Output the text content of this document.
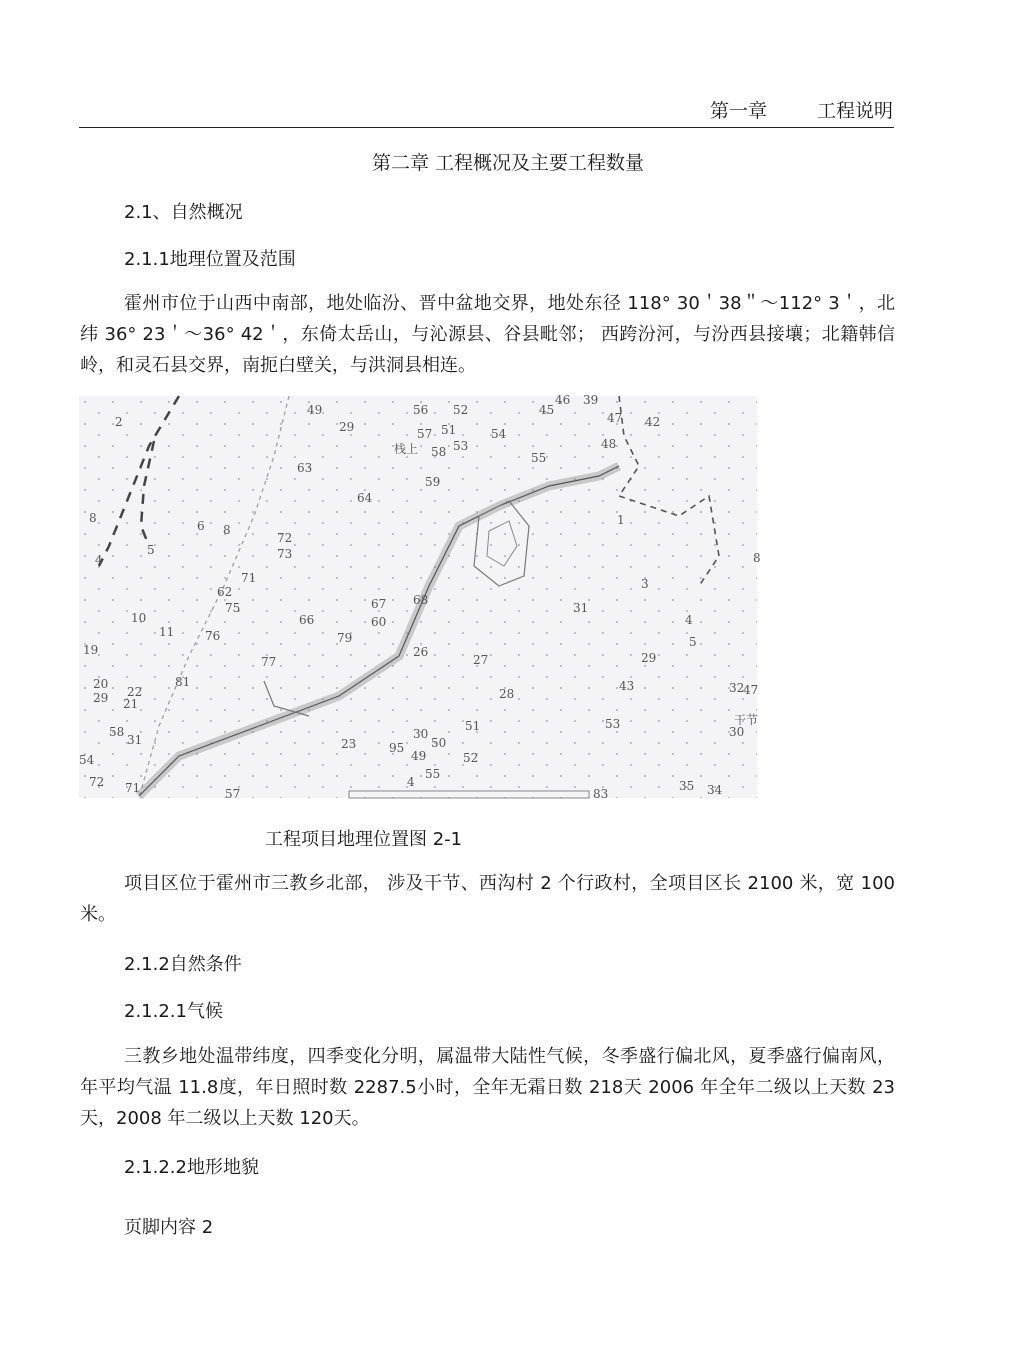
第一章	工程说明
第二章 工程概况及主要工程数量
2.1、自然概况
2.1.1地理位置及范围
霍州市位于山西中南部，地处临汾、晋中盆地交界，地处东径 118° 30＇38＂～112° 3＇，北纬 36° 23＇～36° 42＇，东倚太岳山，与沁源县、谷县毗邻； 西跨汾河，与汾西县接壤；北籍韩信岭，和灵石县交界，南扼白壁关，与洪洞县相连。
栈上
干节
2
49
29
56 52
57 51	54
45
46 39
47 42
48
53
58	55
63
59
64
8
6 8
72
73
4
5
1
8
71	3
62
75	67 68
60
31
10
11	76
66
79
4
5
19	26
27	29
77
20	81
28
43	32
29 22
21
30
51	53
30
58
31	23	95
49
50
52
54
55
4
72 71	35 34
57	83
47
工程项目地理位置图 2-1
项目区位于霍州市三教乡北部， 涉及干节、西沟村 2 个行政村，全项目区长 2100 米，宽 100 米。
2.1.2自然条件
2.1.2.1气候
三教乡地处温带纬度，四季变化分明，属温带大陆性气候，冬季盛行偏北风，夏季盛行偏南风，年平均气温 11.8度，年日照时数 2287.5小时，全年无霜日数 218天 2006 年全年二级以上天数 23天，2008 年二级以上天数 120天。
2.1.2.2地形地貌
页脚内容 2
